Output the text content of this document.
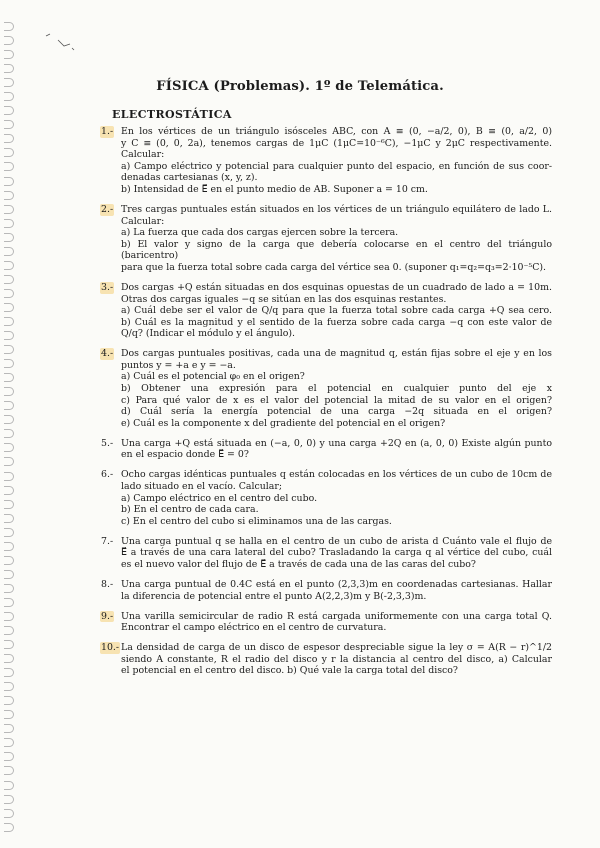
FÍSICA (Problemas). 1º de Telemática.
ELECTROSTÁTICA
1.- En los vértices de un triángulo isósceles ABC, con A ≡ (0, −a/2, 0), B ≡ (0, a/2, 0)
y C ≡ (0, 0, 2a), tenemos cargas de 1μC (1μC=10⁻⁶C), −1μC y 2μC respectivamente.
Calcular:
a) Campo eléctrico y potencial para cualquier punto del espacio, en función de sus coor-
denadas cartesianas (x, y, z).
b) Intensidad de E⃗ en el punto medio de AB. Suponer a = 10 cm.
2.- Tres cargas puntuales están situados en los vértices de un triángulo equilátero de lado L.
Calcular:
a) La fuerza que cada dos cargas ejercen sobre la tercera.
b) El valor y signo de la carga que debería colocarse en el centro del triángulo (baricentro)
para que la fuerza total sobre cada carga del vértice sea 0. (suponer q₁=q₂=q₃=2·10⁻⁵C).
3.- Dos cargas +Q están situadas en dos esquinas opuestas de un cuadrado de lado a = 10m.
Otras dos cargas iguales −q se sitúan en las dos esquinas restantes.
a) Cuál debe ser el valor de Q/q para que la fuerza total sobre cada carga +Q sea cero.
b) Cuál es la magnitud y el sentido de la fuerza sobre cada carga −q con este valor de
Q/q? (Indicar el módulo y el ángulo).
4.- Dos cargas puntuales positivas, cada una de magnitud q, están fijas sobre el eje y en los
puntos y = +a e y = −a.
a) Cuál es el potencial φ₀ en el origen?
b) Obtener una expresión para el potencial en cualquier punto del eje x
c) Para qué valor de x es el valor del potencial la mitad de su valor en el origen?
d) Cuál sería la energía potencial de una carga −2q situada en el origen?
e) Cuál es la componente x del gradiente del potencial en el origen?
5.- Una carga +Q está situada en (−a, 0, 0) y una carga +2Q en (a, 0, 0) Existe algún punto
en el espacio donde E⃗ = 0?
6.- Ocho cargas idénticas puntuales q están colocadas en los vértices de un cubo de 10cm de
lado situado en el vacío. Calcular;
a) Campo eléctrico en el centro del cubo.
b) En el centro de cada cara.
c) En el centro del cubo si eliminamos una de las cargas.
7.- Una carga puntual q se halla en el centro de un cubo de arista d Cuánto vale el flujo de
E⃗ a través de una cara lateral del cubo? Trasladando la carga q al vértice del cubo, cuál
es el nuevo valor del flujo de E⃗ a través de cada una de las caras del cubo?
8.- Una carga puntual de 0.4C está en el punto (2,3,3)m en coordenadas cartesianas. Hallar
la diferencia de potencial entre el punto A(2,2,3)m y B(-2,3,3)m.
9.- Una varilla semicircular de radio R está cargada uniformemente con una carga total Q.
Encontrar el campo eléctrico en el centro de curvatura.
10.- La densidad de carga de un disco de espesor despreciable sigue la ley σ = A(R − r)^1/2
siendo A constante, R el radio del disco y r la distancia al centro del disco, a) Calcular
el potencial en el centro del disco. b) Qué vale la carga total del disco?
